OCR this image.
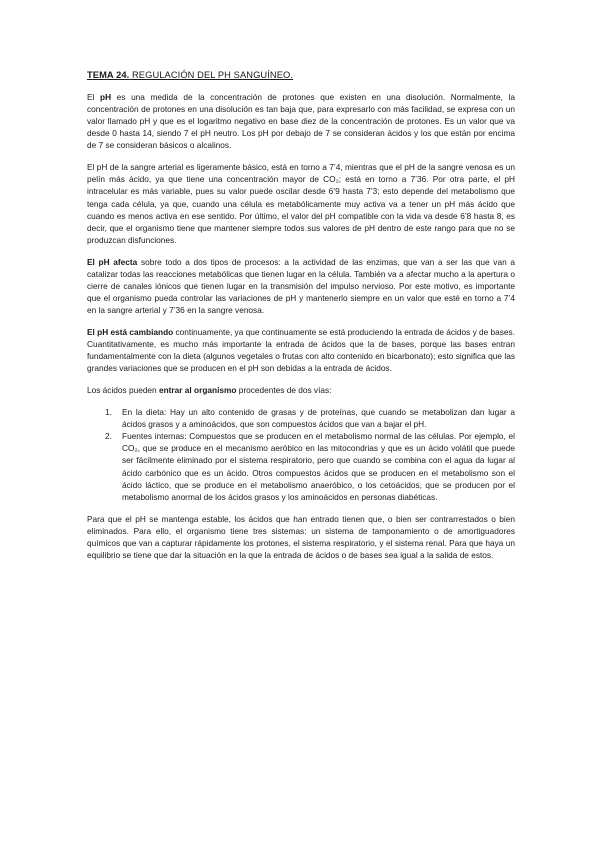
TEMA 24. REGULACIÓN DEL PH SANGUÍNEO.

El pH es una medida de la concentración de protones que existen en una disolución. Normalmente, la concentración de protones en una disolución es tan baja que, para expresarlo con más facilidad, se expresa con un valor llamado pH y que es el logaritmo negativo en base diez de la concentración de protones. Es un valor que va desde 0 hasta 14, siendo 7 el pH neutro. Los pH por debajo de 7 se consideran ácidos y los que están por encima de 7 se consideran básicos o alcalinos.

El pH de la sangre arterial es ligeramente básico, está en torno a 7’4, mientras que el pH de la sangre venosa es un pelín más ácido, ya que tiene una concentración mayor de CO₂; está en torno a 7’36. Por otra parte, el pH intracelular es más variable, pues su valor puede oscilar desde 6’9 hasta 7’3; esto depende del metabolismo que tenga cada célula, ya que, cuando una célula es metabólicamente muy activa va a tener un pH más ácido que cuando es menos activa en ese sentido. Por último, el valor del pH compatible con la vida va desde 6’8 hasta 8, es decir, que el organismo tiene que mantener siempre todos sus valores de pH dentro de este rango para que no se produzcan disfunciones.

El pH afecta sobre todo a dos tipos de procesos: a la actividad de las enzimas, que van a ser las que van a catalizar todas las reacciones metabólicas que tienen lugar en la célula. También va a afectar mucho a la apertura o cierre de canales iónicos que tienen lugar en la transmisión del impulso nervioso. Por este motivo, es importante que el organismo pueda controlar las variaciones de pH y mantenerlo siempre en un valor que esté en torno a 7’4 en la sangre arterial y 7’36 en la sangre venosa.

El pH está cambiando continuamente, ya que continuamente se está produciendo la entrada de ácidos y de bases. Cuantitativamente, es mucho más importante la entrada de ácidos que la de bases, porque las bases entran fundamentalmente con la dieta (algunos vegetales o frutas con alto contenido en bicarbonato); esto significa que las grandes variaciones que se producen en el pH son debidas a la entrada de ácidos.

Los ácidos pueden entrar al organismo procedentes de dos vías:

1. En la dieta: Hay un alto contenido de grasas y de proteínas, que cuando se metabolizan dan lugar a ácidos grasos y a aminoácidos, que son compuestos ácidos que van a bajar el pH.
2. Fuentes internas: Compuestos que se producen en el metabolismo normal de las células. Por ejemplo, el CO₂, que se produce en el mecanismo aeróbico en las mitocondrias y que es un ácido volátil que puede ser fácilmente eliminado por el sistema respiratorio, pero que cuando se combina con el agua da lugar al ácido carbónico que es un ácido. Otros compuestos ácidos que se producen en el metabolismo son el ácido láctico, que se produce en el metabolismo anaeróbico, o los cetoácidos, que se producen por el metabolismo anormal de los ácidos grasos y los aminoácidos en personas diabéticas.

Para que el pH se mantenga estable, los ácidos que han entrado tienen que, o bien ser contrarrestados o bien eliminados. Para ello, el organismo tiene tres sistemas: un sistema de tamponamiento o de amortiguadores químicos que van a capturar rápidamente los protones, el sistema respiratorio, y el sistema renal. Para que haya un equilibrio se tiene que dar la situación en la que la entrada de ácidos o de bases sea igual a la salida de estos.
